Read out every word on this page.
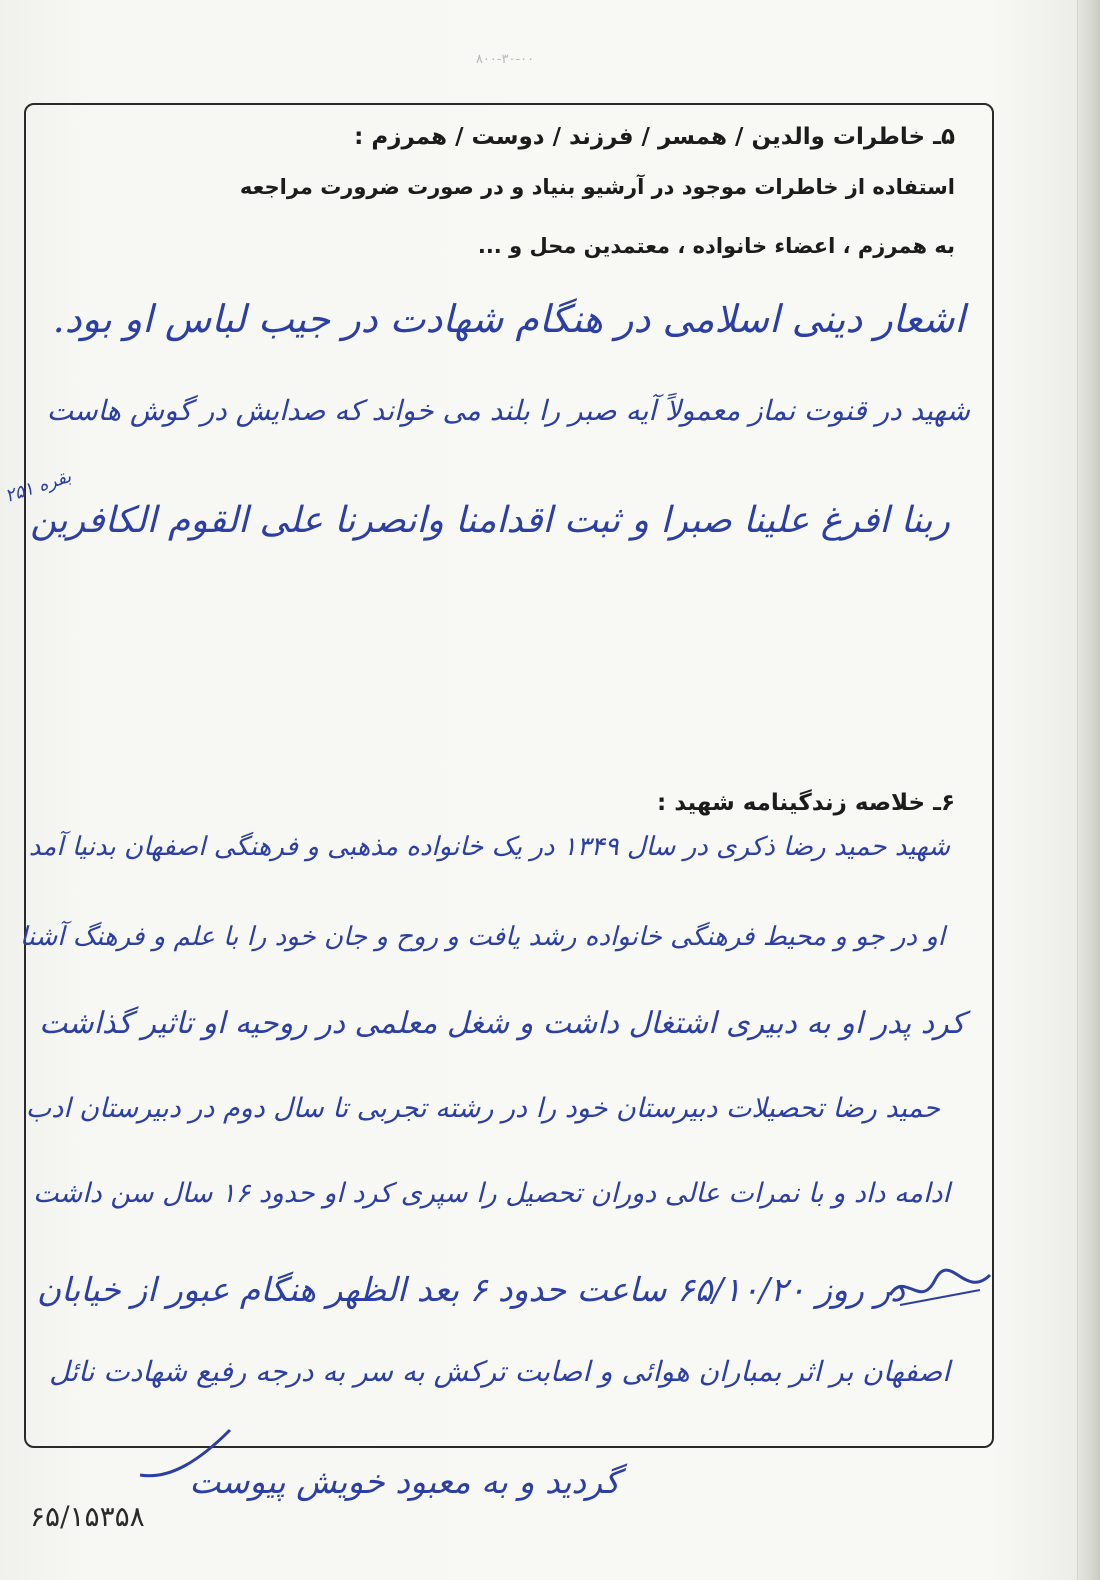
۸۰۰-۳۰-۰۰
۵ـ خاطرات والدین / همسر / فرزند / دوست / همرزم :
استفاده از خاطرات موجود در آرشیو بنیاد و در صورت ضرورت مراجعه
به همرزم ، اعضاء خانواده ، معتمدین محل و ...
اشعار دینی اسلامی در هنگام شهادت در جیب لباس او بود.
شهید در قنوت نماز معمولاً آیه صبر را بلند می خواند که صدایش در گوش هاست
ربنا افرغ علینا صبرا و ثبت اقدامنا وانصرنا علی القوم الکافرین
۲۵۱ بقره
۶ـ خلاصه زندگینامه شهید :
شهید حمید رضا ذکری در سال ۱۳۴۹ در یک خانواده مذهبی و فرهنگی اصفهان بدنیا آمد
او در جو و محیط فرهنگی خانواده رشد یافت و روح و جان خود را با علم و فرهنگ آشنا
کرد پدر او به دبیری اشتغال داشت و شغل معلمی در روحیه او تاثیر گذاشت
حمید رضا تحصیلات دبیرستان خود را در رشته تجربی تا سال دوم در دبیرستان ادب
ادامه داد و با نمرات عالی دوران تحصیل را سپری کرد او حدود ۱۶ سال سن داشت
در روز ۶۵/۱۰/۲۰ ساعت حدود ۶ بعد الظهر هنگام عبور از خیابان
اصفهان بر اثر بمباران هوائی و اصابت ترکش به سر به درجه رفیع شهادت نائل
گردید و به معبود خویش پیوست
۶۵/۱۵۳۵۸
